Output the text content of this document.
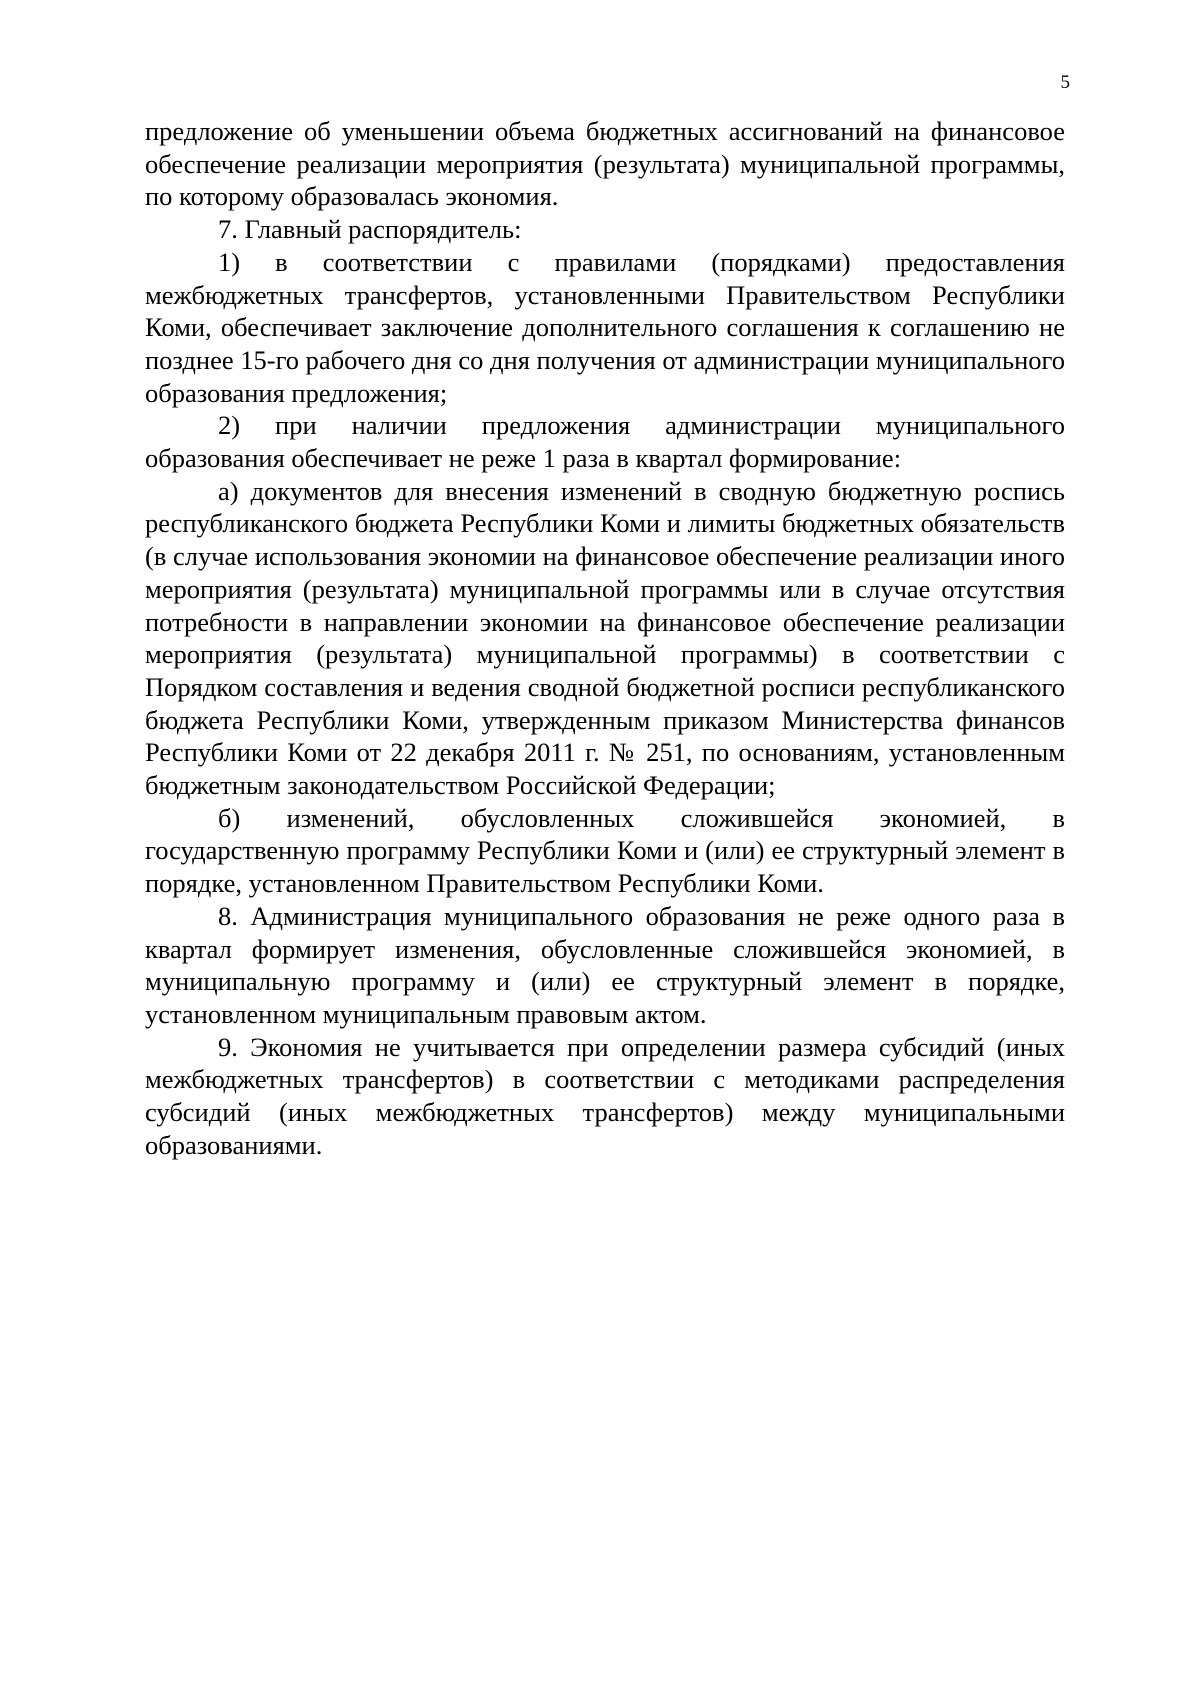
5

предложение об уменьшении объема бюджетных ассигнований на финансовое обеспечение реализации мероприятия (результата) муниципальной программы, по которому образовалась экономия.

7. Главный распорядитель:

1) в соответствии с правилами (порядками) предоставления межбюджетных трансфертов, установленными Правительством Республики Коми, обеспечивает заключение дополнительного соглашения к соглашению не позднее 15-го рабочего дня со дня получения от администрации муниципального образования предложения;

2) при наличии предложения администрации муниципального образования обеспечивает не реже 1 раза в квартал формирование:

а) документов для внесения изменений в сводную бюджетную роспись республиканского бюджета Республики Коми и лимиты бюджетных обязательств (в случае использования экономии на финансовое обеспечение реализации иного мероприятия (результата) муниципальной программы или в случае отсутствия потребности в направлении экономии на финансовое обеспечение реализации мероприятия (результата) муниципальной программы) в соответствии с Порядком составления и ведения сводной бюджетной росписи республиканского бюджета Республики Коми, утвержденным приказом Министерства финансов Республики Коми от 22 декабря 2011 г. № 251, по основаниям, установленным бюджетным законодательством Российской Федерации;

б) изменений, обусловленных сложившейся экономией, в государственную программу Республики Коми и (или) ее структурный элемент в порядке, установленном Правительством Республики Коми.

8. Администрация муниципального образования не реже одного раза в квартал формирует изменения, обусловленные сложившейся экономией, в муниципальную программу и (или) ее структурный элемент в порядке, установленном муниципальным правовым актом.

9. Экономия не учитывается при определении размера субсидий (иных межбюджетных трансфертов) в соответствии с методиками распределения субсидий (иных межбюджетных трансфертов) между муниципальными образованиями.
